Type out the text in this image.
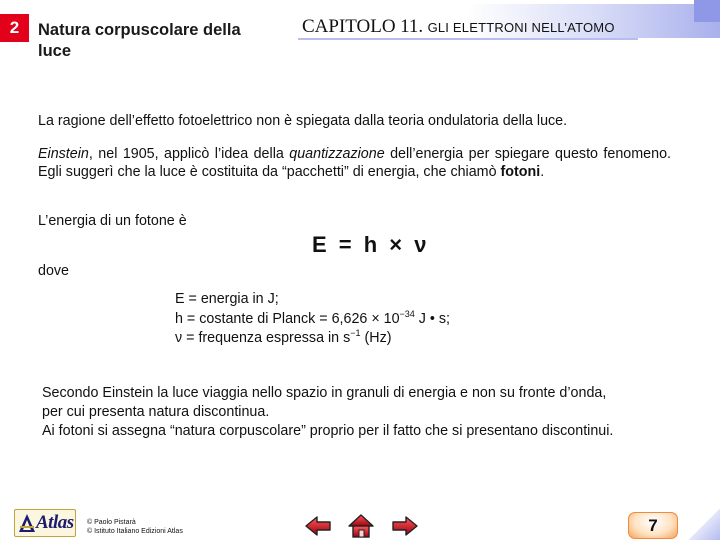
2	Natura corpuscolare della luce
CAPITOLO 11. GLI ELETTRONI NELL’ATOMO
La ragione dell’effetto fotoelettrico non è spiegata dalla teoria ondulatoria della luce.
Einstein, nel 1905, applicò l’idea della quantizzazione dell’energia per spiegare questo fenomeno. Egli suggerì che la luce è costituita da “pacchetti” di energia, che chiamò fotoni.
L’energia di un fotone è
E = h × ν
dove
E = energia in J;
h = costante di Planck = $6,626 \times 10^{-34}$ J • s;
ν = frequenza espressa in $s^{-1}$ (Hz)
Secondo Einstein la luce viaggia nello spazio in granuli di energia e non su fronte d’onda,
per cui presenta natura discontinua.
Ai fotoni si assegna “natura corpuscolare” proprio per il fatto che si presentano discontinui.
Atlas © Paolo Pistarà
© Istituto Italiano Edizioni Atlas	7
